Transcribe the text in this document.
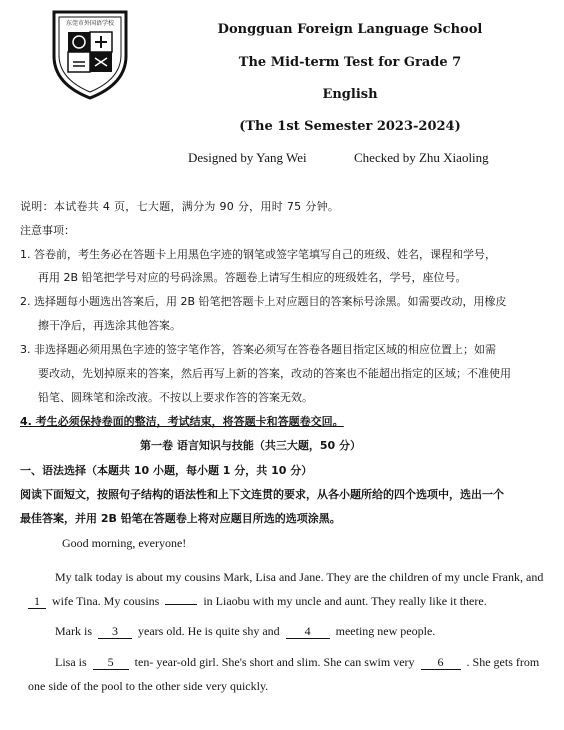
东莞市外国语学校	Dongguan Foreign Language School
The Mid-term Test for Grade 7
English
(The 1st Semester 2023-2024)
Designed by Yang Wei	Checked by Zhu Xiaoling
说明：本试卷共 4 页，七大题，满分为 90 分，用时 75 分钟。
注意事项：
1. 答卷前，考生务必在答题卡上用黑色字迹的钢笔或签字笔填写自己的班级、姓名，课程和学号，
再用 2B 铅笔把学号对应的号码涂黑。答题卷上请写生相应的班级姓名，学号，座位号。
2. 选择题每小题选出答案后，用 2B 铅笔把答题卡上对应题目的答案标号涂黑。如需要改动，用橡皮
擦干净后，再选涂其他答案。
3. 非选择题必须用黑色字迹的签字笔作答，答案必须写在答卷各题目指定区域的相应位置上；如需
要改动，先划掉原来的答案，然后再写上新的答案，改动的答案也不能超出指定的区域；不准使用
铅笔、圆珠笔和涂改液。不按以上要求作答的答案无效。
4. 考生必须保持卷面的整洁，考试结束，将答题卡和答题卷交回。
第一卷 语言知识与技能（共三大题，50 分）
一、语法选择（本题共 10 小题，每小题 1 分，共 10 分）
阅读下面短文，按照句子结构的语法性和上下文连贯的要求，从各小题所给的四个选项中，选出一个
最佳答案，并用 2B 铅笔在答题卷上将对应题目所选的选项涂黑。
Good morning, everyone!
My talk today is about my cousins Mark, Lisa and Jane. They are the children of my uncle Frank, and
1 wife Tina. My cousins	in Liaobu with my uncle and aunt. They really like it there.
Mark is 3 years old. He is quite shy and 4 meeting new people.
Lisa is 5 ten- year-old girl. She's short and slim. She can swim very 6 . She gets from
one side of the pool to the other side very quickly.
